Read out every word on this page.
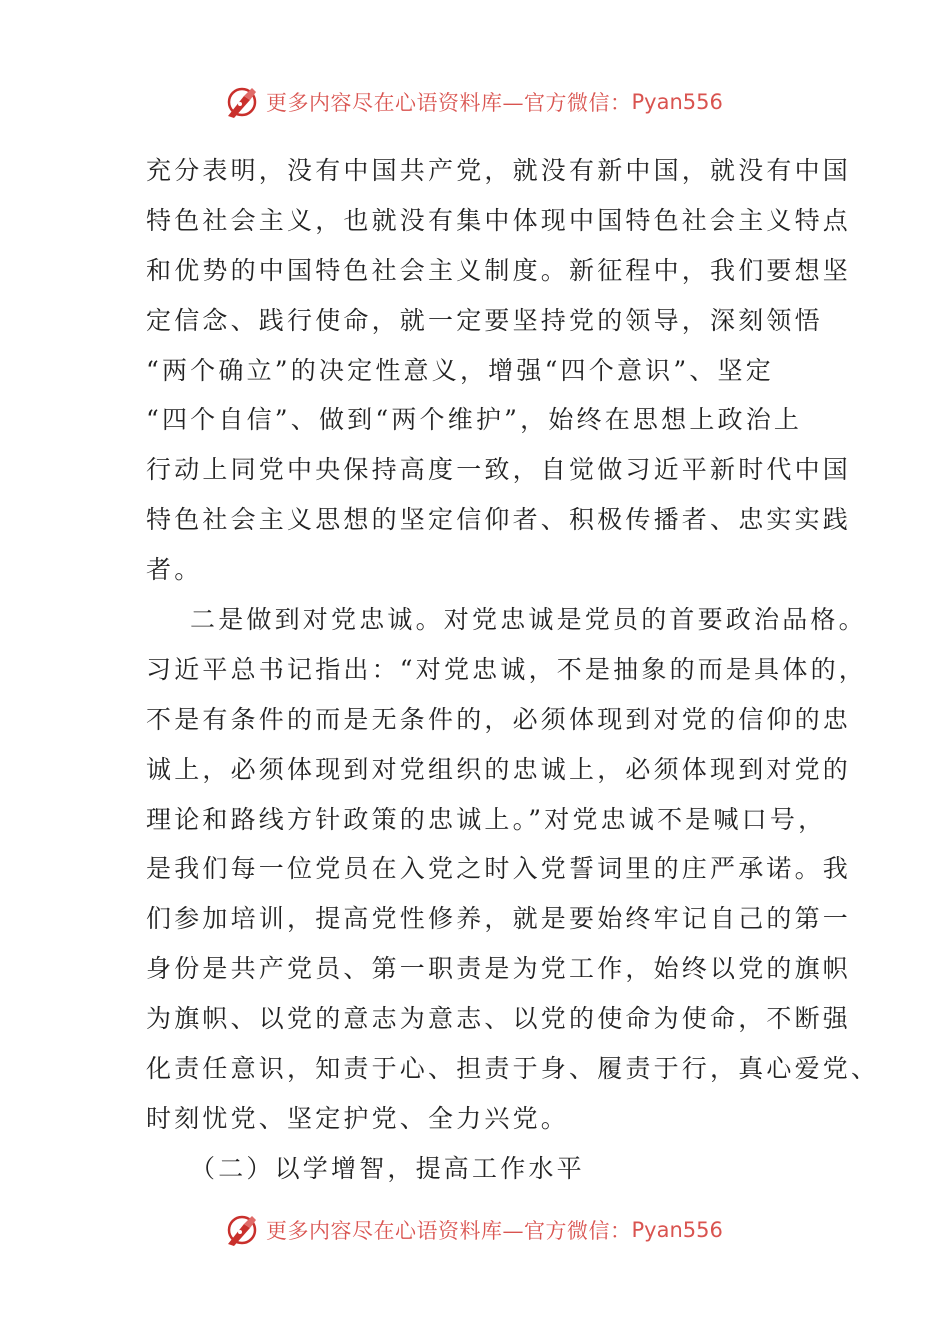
更多内容尽在心语资料库—官方微信： Pyan556
充分表明，没有中国共产党，就没有新中国，就没有中国
特色社会主义，也就没有集中体现中国特色社会主义特点
和优势的中国特色社会主义制度。新征程中，我们要想坚
定信念、践行使命，就一定要坚持党的领导，深刻领悟
“两个确立”的决定性意义，增强“四个意识”、坚定
“四个自信”、做到“两个维护”，始终在思想上政治上
行动上同党中央保持高度一致，自觉做习近平新时代中国
特色社会主义思想的坚定信仰者、积极传播者、忠实实践
者。
二是做到对党忠诚。对党忠诚是党员的首要政治品格。
习近平总书记指出：“对党忠诚，不是抽象的而是具体的，
不是有条件的而是无条件的，必须体现到对党的信仰的忠
诚上，必须体现到对党组织的忠诚上，必须体现到对党的
理论和路线方针政策的忠诚上。”对党忠诚不是喊口号，
是我们每一位党员在入党之时入党誓词里的庄严承诺。我
们参加培训，提高党性修养，就是要始终牢记自己的第一
身份是共产党员、第一职责是为党工作，始终以党的旗帜
为旗帜、以党的意志为意志、以党的使命为使命，不断强
化责任意识，知责于心、担责于身、履责于行，真心爱党、
时刻忧党、坚定护党、全力兴党。
（二）以学增智，提高工作水平
更多内容尽在心语资料库—官方微信： Pyan556
